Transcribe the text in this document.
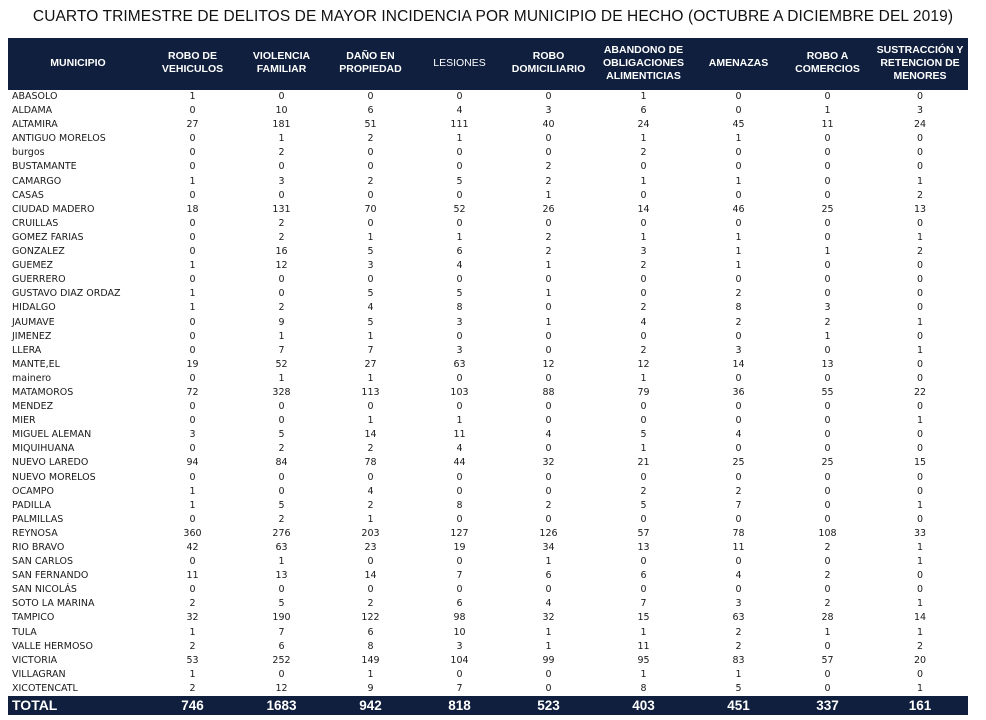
CUARTO TRIMESTRE DE DELITOS DE MAYOR INCIDENCIA POR MUNICIPIO DE HECHO (OCTUBRE A DICIEMBRE DEL 2019)
MUNICIPIO	ROBO DE VEHICULOS	VIOLENCIA FAMILIAR	DAÑO EN PROPIEDAD	LESIONES	ROBO DOMICILIARIO	ABANDONO DE OBLIGACIONES ALIMENTICIAS	AMENAZAS	ROBO A COMERCIOS	SUSTRACCIÓN Y RETENCION DE MENORES
ABASOLO	1	0	0	0	0	1	0	0	0
ALDAMA	0	10	6	4	3	6	0	1	3
ALTAMIRA	27	181	51	111	40	24	45	11	24
ANTIGUO MORELOS	0	1	2	1	0	1	1	0	0
burgos	0	2	0	0	0	2	0	0	0
BUSTAMANTE	0	0	0	0	2	0	0	0	0
CAMARGO	1	3	2	5	2	1	1	0	1
CASAS	0	0	0	0	1	0	0	0	2
CIUDAD MADERO	18	131	70	52	26	14	46	25	13
CRUILLAS	0	2	0	0	0	0	0	0	0
GOMEZ FARIAS	0	2	1	1	2	1	1	0	1
GONZALEZ	0	16	5	6	2	3	1	1	2
GUEMEZ	1	12	3	4	1	2	1	0	0
GUERRERO	0	0	0	0	0	0	0	0	0
GUSTAVO DIAZ ORDAZ	1	0	5	5	1	0	2	0	0
HIDALGO	1	2	4	8	0	2	8	3	0
JAUMAVE	0	9	5	3	1	4	2	2	1
JIMENEZ	0	1	1	0	0	0	0	1	0
LLERA	0	7	7	3	0	2	3	0	1
MANTE,EL	19	52	27	63	12	12	14	13	0
mainero	0	1	1	0	0	1	0	0	0
MATAMOROS	72	328	113	103	88	79	36	55	22
MENDEZ	0	0	0	0	0	0	0	0	0
MIER	0	0	1	1	0	0	0	0	1
MIGUEL ALEMAN	3	5	14	11	4	5	4	0	0
MIQUIHUANA	0	2	2	4	0	1	0	0	0
NUEVO LAREDO	94	84	78	44	32	21	25	25	15
NUEVO MORELOS	0	0	0	0	0	0	0	0	0
OCAMPO	1	0	4	0	0	2	2	0	0
PADILLA	1	5	2	8	2	5	7	0	1
PALMILLAS	0	2	1	0	0	0	0	0	0
REYNOSA	360	276	203	127	126	57	78	108	33
RIO BRAVO	42	63	23	19	34	13	11	2	1
SAN CARLOS	0	1	0	0	1	0	0	0	1
SAN FERNANDO	11	13	14	7	6	6	4	2	0
SAN NICOLÁS	0	0	0	0	0	0	0	0	0
SOTO LA MARINA	2	5	2	6	4	7	3	2	1
TAMPICO	32	190	122	98	32	15	63	28	14
TULA	1	7	6	10	1	1	2	1	1
VALLE HERMOSO	2	6	8	3	1	11	2	0	2
VICTORIA	53	252	149	104	99	95	83	57	20
VILLAGRAN	1	0	1	0	0	1	1	0	0
XICOTENCATL	2	12	9	7	0	8	5	0	1
TOTAL	746	1683	942	818	523	403	451	337	161
